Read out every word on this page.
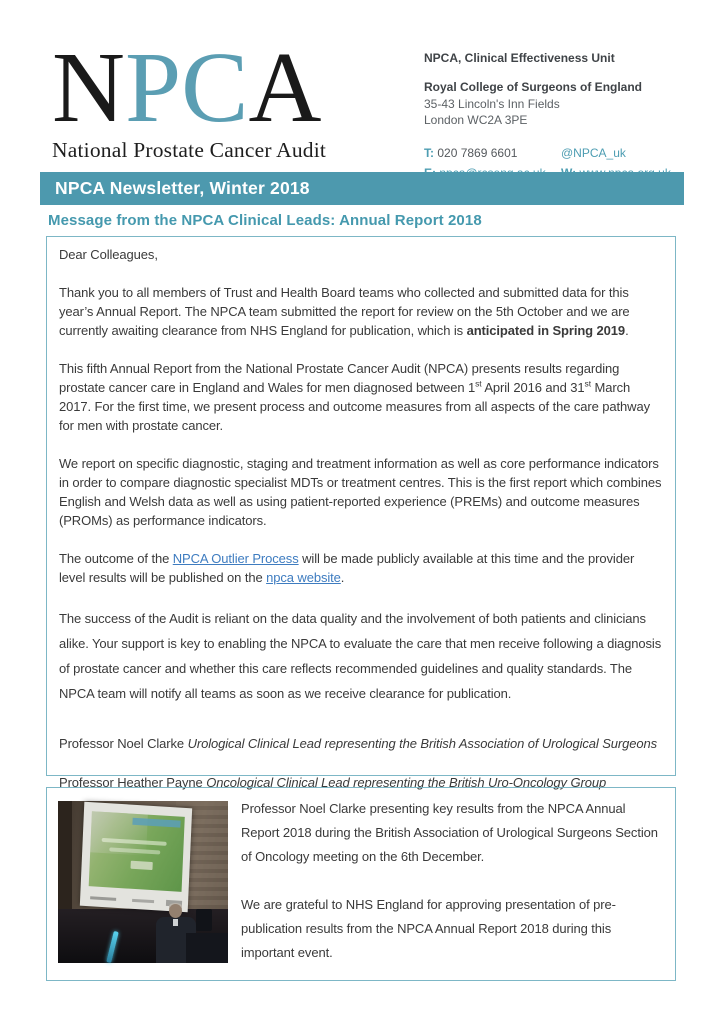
NPCA
National Prostate Cancer Audit
NPCA, Clinical Effectiveness Unit
Royal College of Surgeons of England
35-43 Lincoln's Inn Fields
London WC2A 3PE
T: 020 7869 6601	@NPCA_uk
NPCA Newsletter, Winter 2018
Message from the NPCA Clinical Leads: Annual Report 2018

Dear Colleagues,

Thank you to all members of Trust and Health Board teams who collected and submitted data for this year’s Annual Report. The NPCA team submitted the report for review on the 5th October and we are currently awaiting clearance from NHS England for publication, which is anticipated in Spring 2019.

This fifth Annual Report from the National Prostate Cancer Audit (NPCA) presents results regarding prostate cancer care in England and Wales for men diagnosed between 1st April 2016 and 31st March 2017. For the first time, we present process and outcome measures from all aspects of the care pathway for men with prostate cancer.

We report on specific diagnostic, staging and treatment information as well as core performance indicators in order to compare diagnostic specialist MDTs or treatment centres. This is the first report which combines English and Welsh data as well as using patient-reported experience (PREMs) and outcome measures (PROMs) as performance indicators.

The outcome of the NPCA Outlier Process will be made publicly available at this time and the provider level results will be published on the npca website.

The success of the Audit is reliant on the data quality and the involvement of both patients and clinicians alike. Your support is key to enabling the NPCA to evaluate the care that men receive following a diagnosis of prostate cancer and whether this care reflects recommended guidelines and quality standards. The NPCA team will notify all teams as soon as we receive clearance for publication.

Professor Noel Clarke Urological Clinical Lead representing the British Association of Urological Surgeons

Professor Heather Payne Oncological Clinical Lead representing the British Uro-Oncology Group

Professor Noel Clarke presenting key results from the NPCA Annual Report 2018 during the British Association of Urological Surgeons Section of Oncology meeting on the 6th December.

We are grateful to NHS England for approving presentation of pre-publication results from the NPCA Annual Report 2018 during this important event.
